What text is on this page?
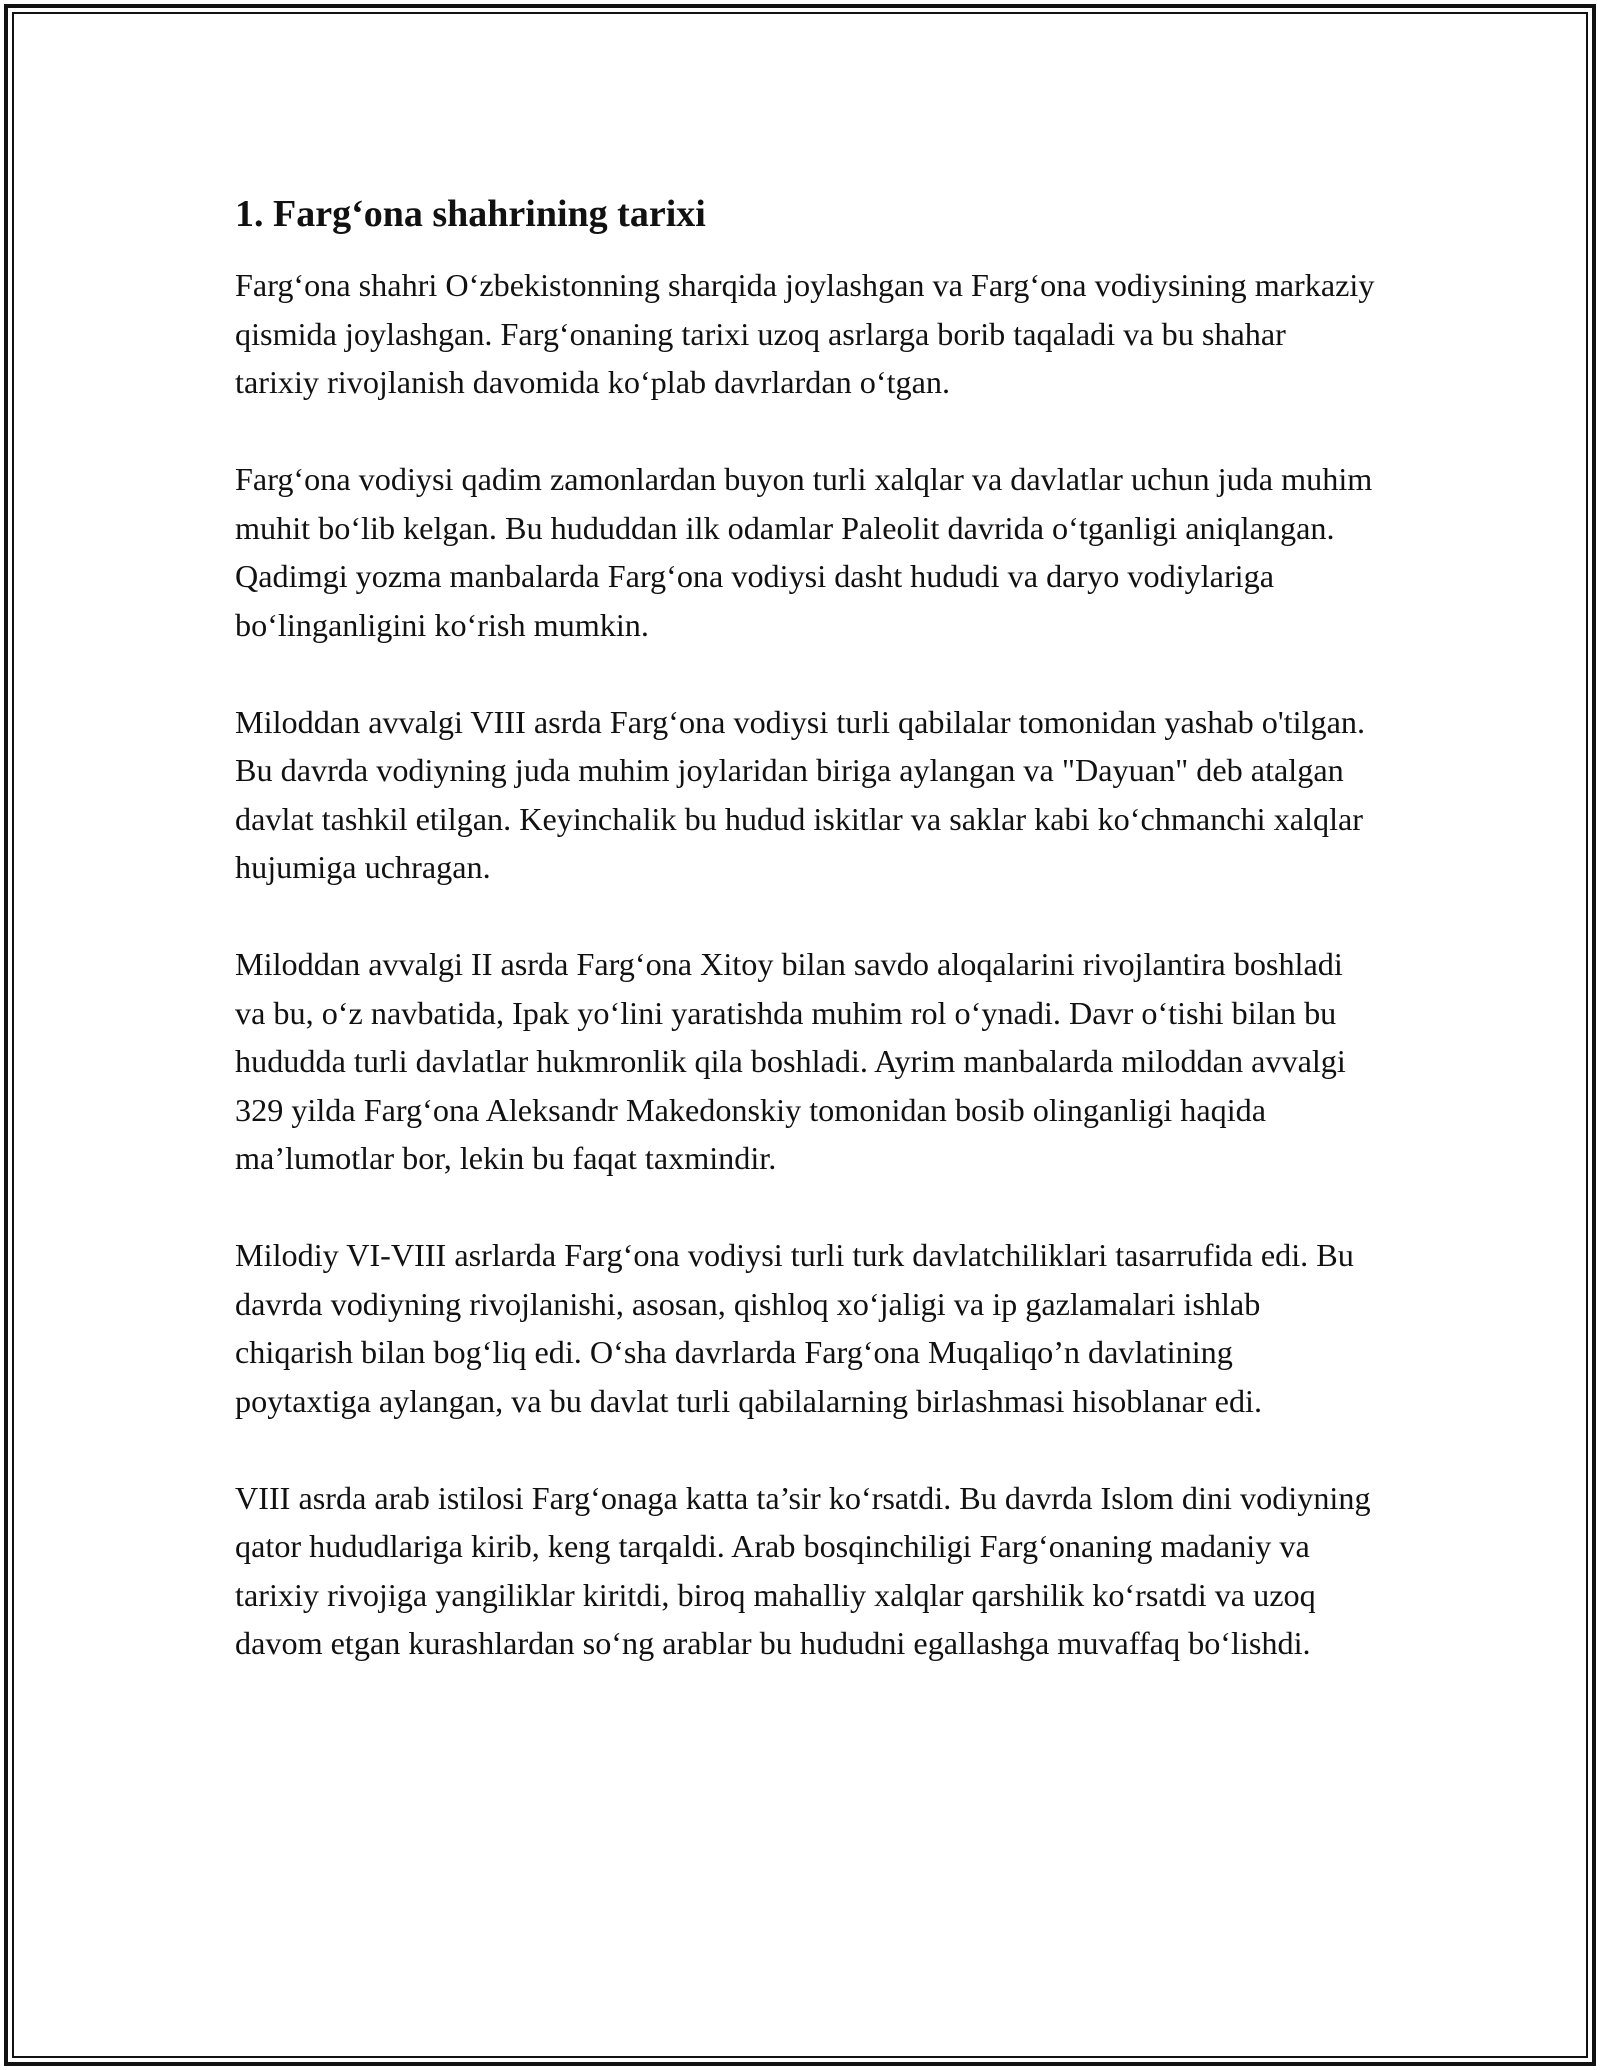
1. Farg‘ona shahrining tarixi

Farg‘ona shahri O‘zbekistonning sharqida joylashgan va Farg‘ona vodiysining markaziy qismida joylashgan. Farg‘onaning tarixi uzoq asrlarga borib taqaladi va bu shahar tarixiy rivojlanish davomida ko‘plab davrlardan o‘tgan.

Farg‘ona vodiysi qadim zamonlardan buyon turli xalqlar va davlatlar uchun juda muhim muhit bo‘lib kelgan. Bu hududdan ilk odamlar Paleolit davrida o‘tganligi aniqlangan. Qadimgi yozma manbalarda Farg‘ona vodiysi dasht hududi va daryo vodiylariga bo‘linganligini ko‘rish mumkin.

Miloddan avvalgi VIII asrda Farg‘ona vodiysi turli qabilalar tomonidan yashab o'tilgan. Bu davrda vodiyning juda muhim joylaridan biriga aylangan va "Dayuan" deb atalgan davlat tashkil etilgan. Keyinchalik bu hudud iskitlar va saklar kabi ko‘chmanchi xalqlar hujumiga uchragan.

Miloddan avvalgi II asrda Farg‘ona Xitoy bilan savdo aloqalarini rivojlantira boshladi va bu, o‘z navbatida, Ipak yo‘lini yaratishda muhim rol o‘ynadi. Davr o‘tishi bilan bu hududda turli davlatlar hukmronlik qila boshladi. Ayrim manbalarda miloddan avvalgi 329 yilda Farg‘ona Aleksandr Makedonskiy tomonidan bosib olinganligi haqida ma’lumotlar bor, lekin bu faqat taxmindir.

Milodiy VI-VIII asrlarda Farg‘ona vodiysi turli turk davlatchiliklari tasarrufida edi. Bu davrda vodiyning rivojlanishi, asosan, qishloq xo‘jaligi va ip gazlamalari ishlab chiqarish bilan bog‘liq edi. O‘sha davrlarda Farg‘ona Muqaliqo’n davlatining poytaxtiga aylangan, va bu davlat turli qabilalarning birlashmasi hisoblanar edi.

VIII asrda arab istilosi Farg‘onaga katta ta’sir ko‘rsatdi. Bu davrda Islom dini vodiyning qator hududlariga kirib, keng tarqaldi. Arab bosqinchiligi Farg‘onaning madaniy va tarixiy rivojiga yangiliklar kiritdi, biroq mahalliy xalqlar qarshilik ko‘rsatdi va uzoq davom etgan kurashlardan so‘ng arablar bu hududni egallashga muvaffaq bo‘lishdi.
